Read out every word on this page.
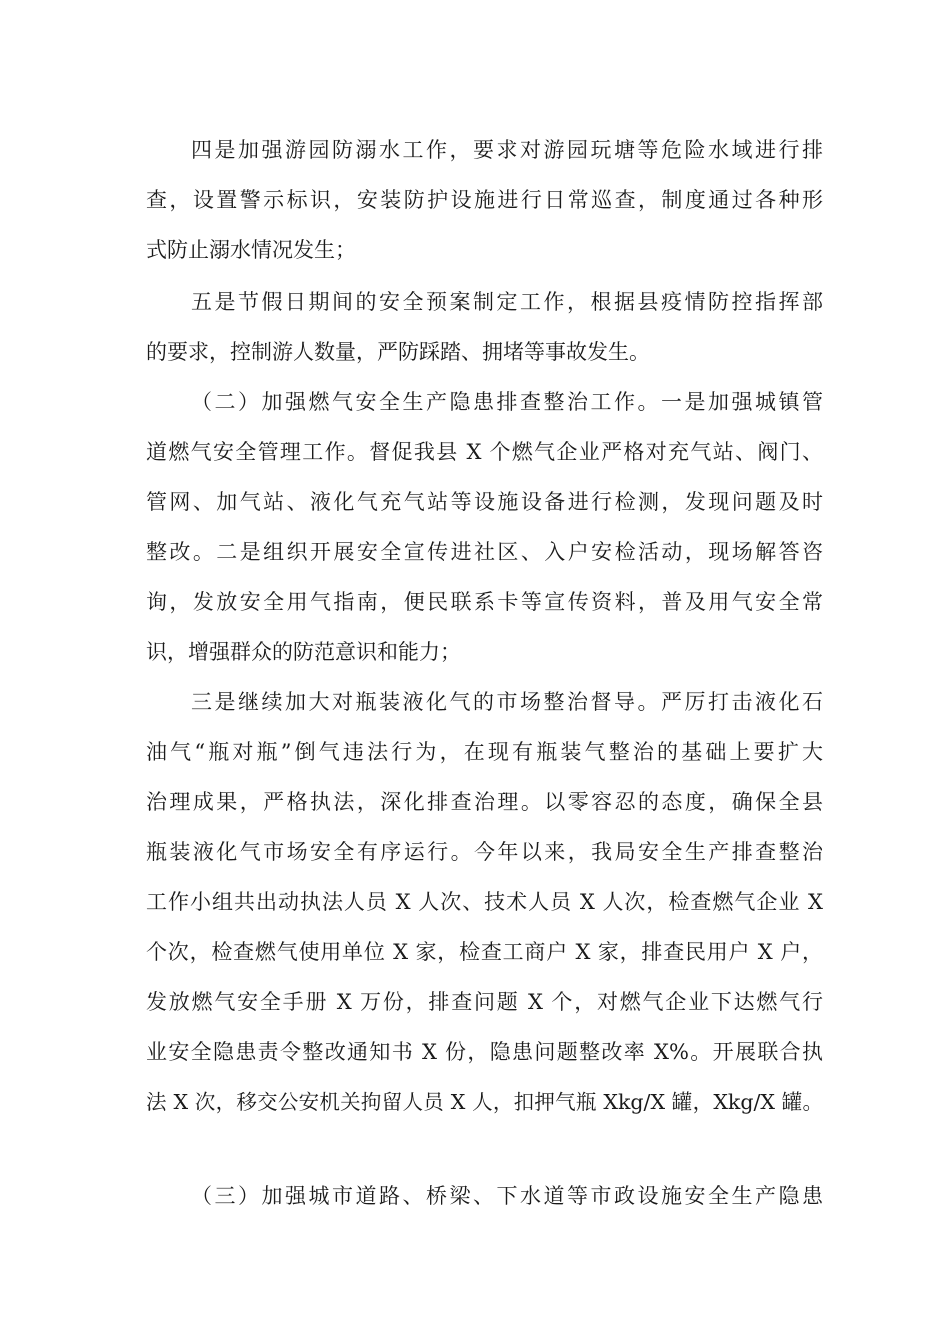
四是加强游园防溺水工作，要求对游园玩塘等危险水域进行排
查，设置警示标识，安装防护设施进行日常巡查，制度通过各种形
式防止溺水情况发生；
五是节假日期间的安全预案制定工作，根据县疫情防控指挥部
的要求，控制游人数量，严防踩踏、拥堵等事故发生。
（二）加强燃气安全生产隐患排查整治工作。一是加强城镇管
道燃气安全管理工作。督促我县 X 个燃气企业严格对充气站、阀门、
管网、加气站、液化气充气站等设施设备进行检测，发现问题及时
整改。二是组织开展安全宣传进社区、入户安检活动，现场解答咨
询，发放安全用气指南，便民联系卡等宣传资料，普及用气安全常
识，增强群众的防范意识和能力；
三是继续加大对瓶装液化气的市场整治督导。严厉打击液化石
油气“瓶对瓶”倒气违法行为，在现有瓶装气整治的基础上要扩大
治理成果，严格执法，深化排查治理。以零容忍的态度，确保全县
瓶装液化气市场安全有序运行。今年以来，我局安全生产排查整治
工作小组共出动执法人员 X 人次、技术人员 X 人次，检查燃气企业 X
个次，检查燃气使用单位 X 家，检查工商户 X 家，排查民用户 X 户，
发放燃气安全手册 X 万份，排查问题 X 个，对燃气企业下达燃气行
业安全隐患责令整改通知书 X 份，隐患问题整改率 X%。开展联合执
法 X 次，移交公安机关拘留人员 X 人，扣押气瓶 Xkg/X 罐，Xkg/X 罐。
（三）加强城市道路、桥梁、下水道等市政设施安全生产隐患
